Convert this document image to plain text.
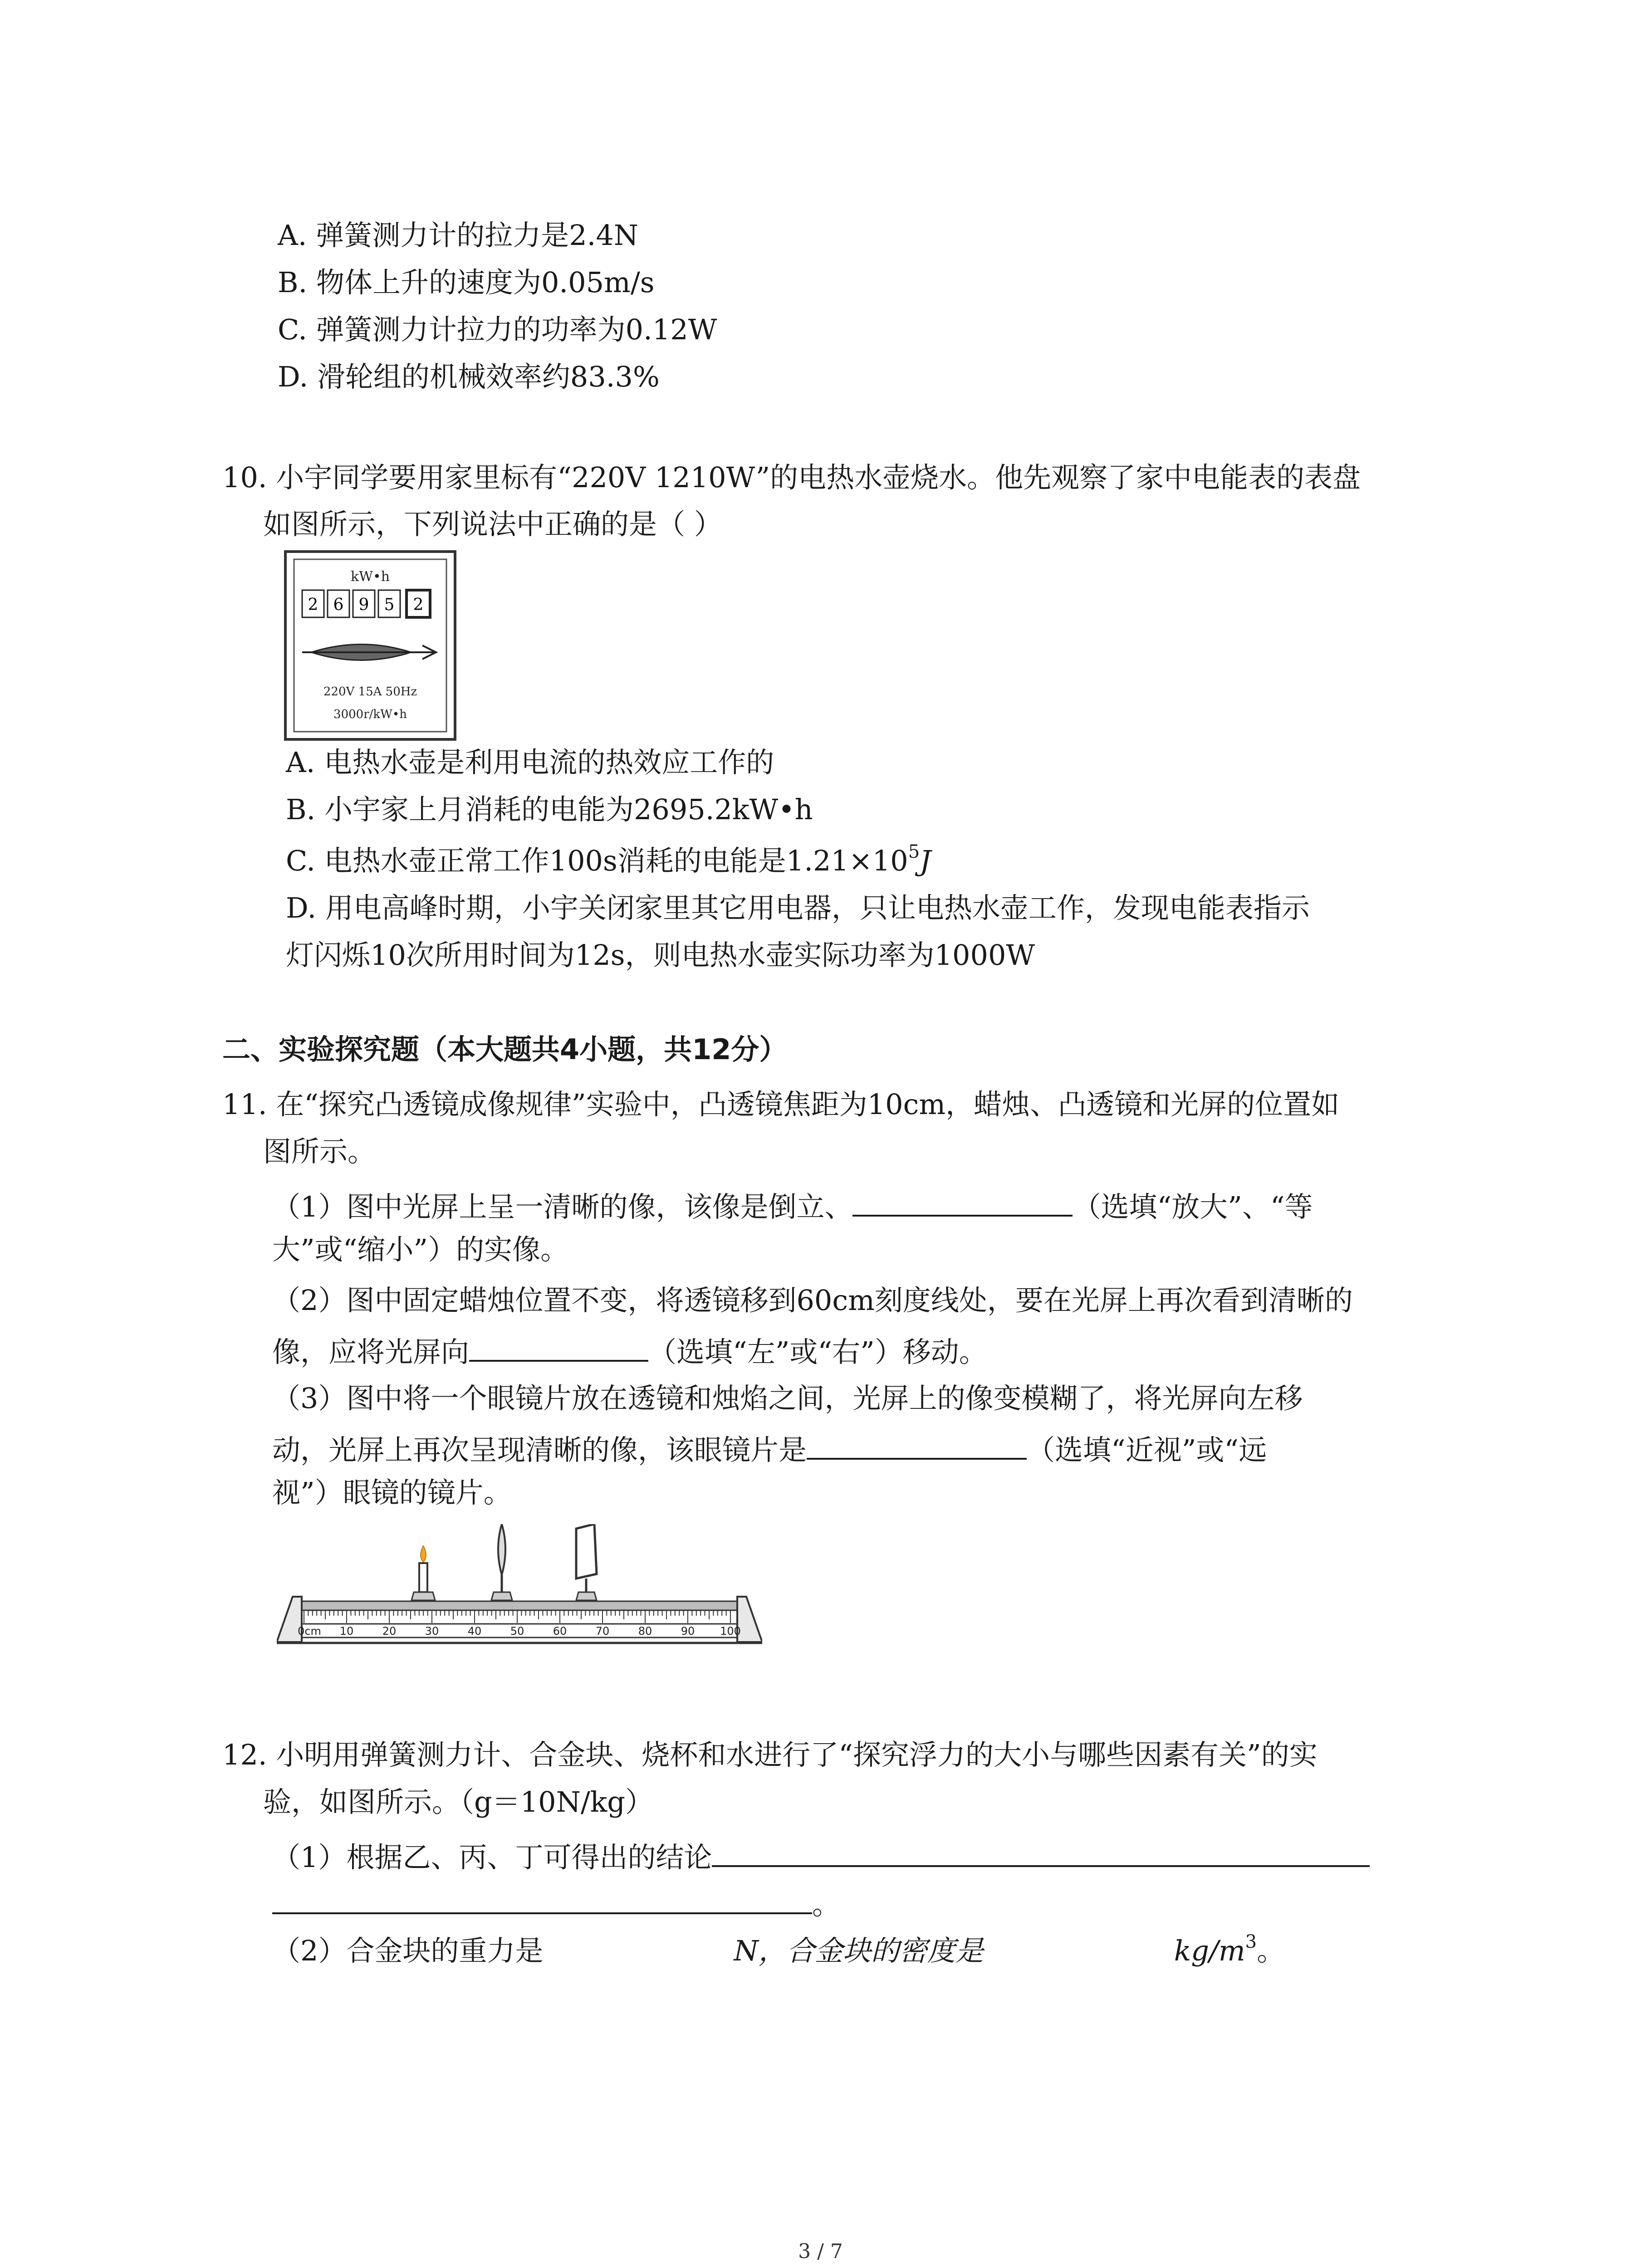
A. 弹簧测力计的拉力是2.4N
B. 物体上升的速度为0.05m/s
C. 弹簧测力计拉力的功率为0.12W
D. 滑轮组的机械效率约83.3%
10. 小宇同学要用家里标有“220V 1210W”的电热水壶烧水。他先观察了家中电能表的表盘
如图所示，下列说法中正确的是（ ）
kW•h
2 6 9 5 2
220V 15A 50Hz
3000r/kW•h
A. 电热水壶是利用电流的热效应工作的
B. 小宇家上月消耗的电能为2695.2kW•h
C. 电热水壶正常工作100s消耗的电能是$1.21\times 10^5J$
D. 用电高峰时期，小宇关闭家里其它用电器，只让电热水壶工作，发现电能表指示
灯闪烁10次所用时间为12s，则电热水壶实际功率为1000W
二、实验探究题（本大题共4小题，共12分）
11. 在“探究凸透镜成像规律”实验中，凸透镜焦距为10cm，蜡烛、凸透镜和光屏的位置如
图所示。
（1）图中光屏上呈一清晰的像，该像是倒立、	（选填“放大”、“等
大”或“缩小”）的实像。
（2）图中固定蜡烛位置不变，将透镜移到60cm刻度线处，要在光屏上再次看到清晰的
像，应将光屏向	（选填“左”或“右”）移动。
（3）图中将一个眼镜片放在透镜和烛焰之间，光屏上的像变模糊了，将光屏向左移
动，光屏上再次呈现清晰的像，该眼镜片是	（选填“近视”或“远
视”）眼镜的镜片。
0cm 10	20	30	40	50	60	70	80	90 100
12. 小明用弹簧测力计、合金块、烧杯和水进行了“探究浮力的大小与哪些因素有关”的实
验，如图所示。（g＝10N/kg）
（1）根据乙、丙、丁可得出的结论
。
（2）合金块的重力是	N，合金块的密度是	$kg/m^3$。
3 / 7
